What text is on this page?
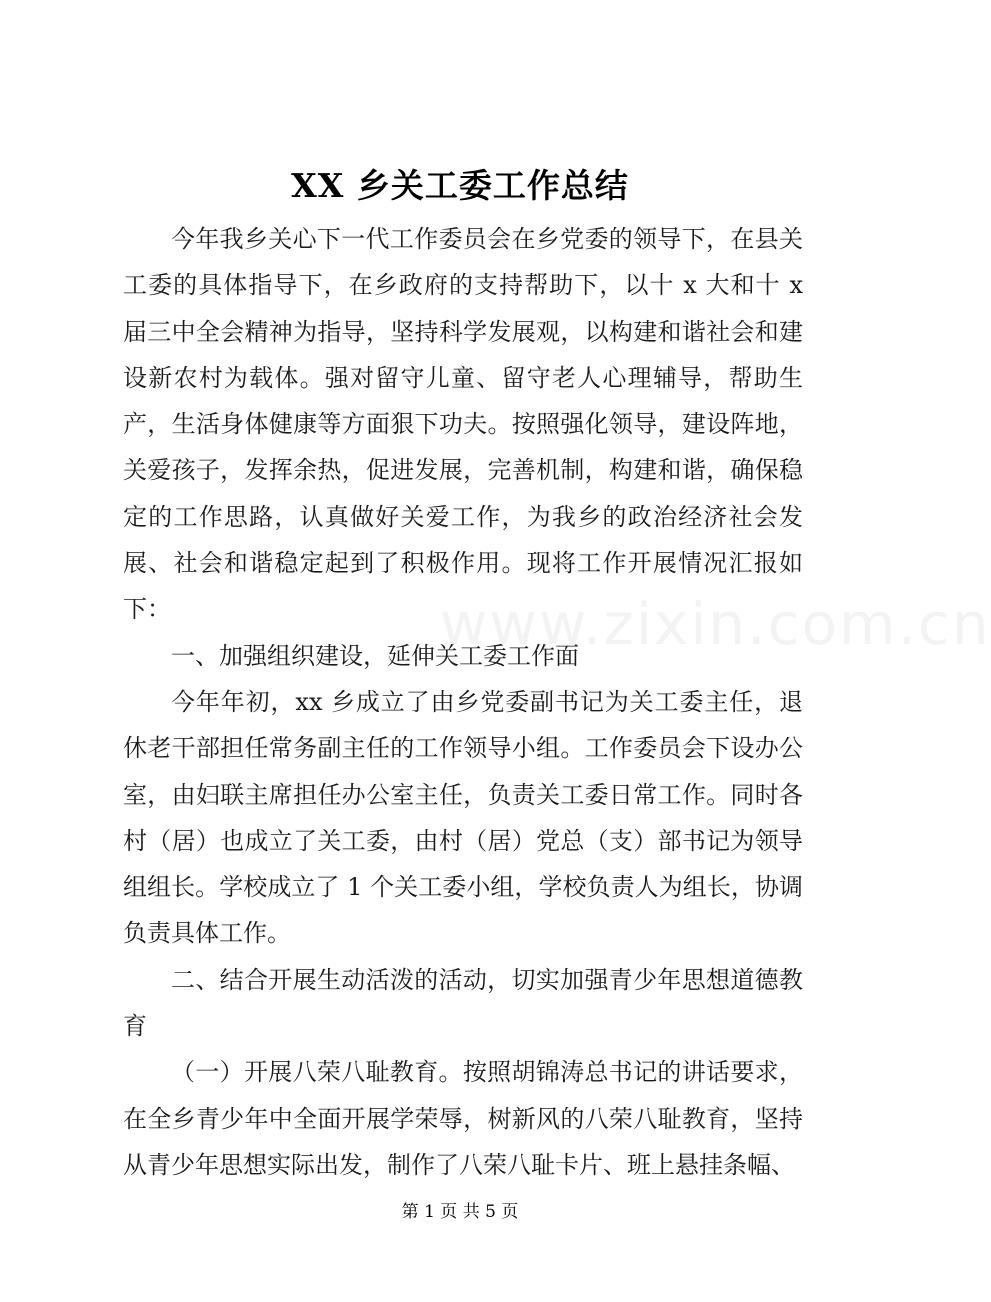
XX 乡关工委工作总结

今年我乡关心下一代工作委员会在乡党委的领导下，在县关工委的具体指导下，在乡政府的支持帮助下，以十 x 大和十 x 届三中全会精神为指导，坚持科学发展观，以构建和谐社会和建设新农村为载体。强对留守儿童、留守老人心理辅导，帮助生产，生活身体健康等方面狠下功夫。按照强化领导，建设阵地，关爱孩子，发挥余热，促进发展，完善机制，构建和谐，确保稳定的工作思路，认真做好关爱工作，为我乡的政治经济社会发展、社会和谐稳定起到了积极作用。现将工作开展情况汇报如下：

一、加强组织建设，延伸关工委工作面

今年年初，xx 乡成立了由乡党委副书记为关工委主任，退休老干部担任常务副主任的工作领导小组。工作委员会下设办公室，由妇联主席担任办公室主任，负责关工委日常工作。同时各村（居）也成立了关工委，由村（居）党总（支）部书记为领导组组长。学校成立了 1 个关工委小组，学校负责人为组长，协调负责具体工作。

二、结合开展生动活泼的活动，切实加强青少年思想道德教育

（一）开展八荣八耻教育。按照胡锦涛总书记的讲话要求，在全乡青少年中全面开展学荣辱，树新风的八荣八耻教育，坚持从青少年思想实际出发，制作了八荣八耻卡片、班上悬挂条幅、

www.zixin.com.cn
第 1 页 共 5 页
